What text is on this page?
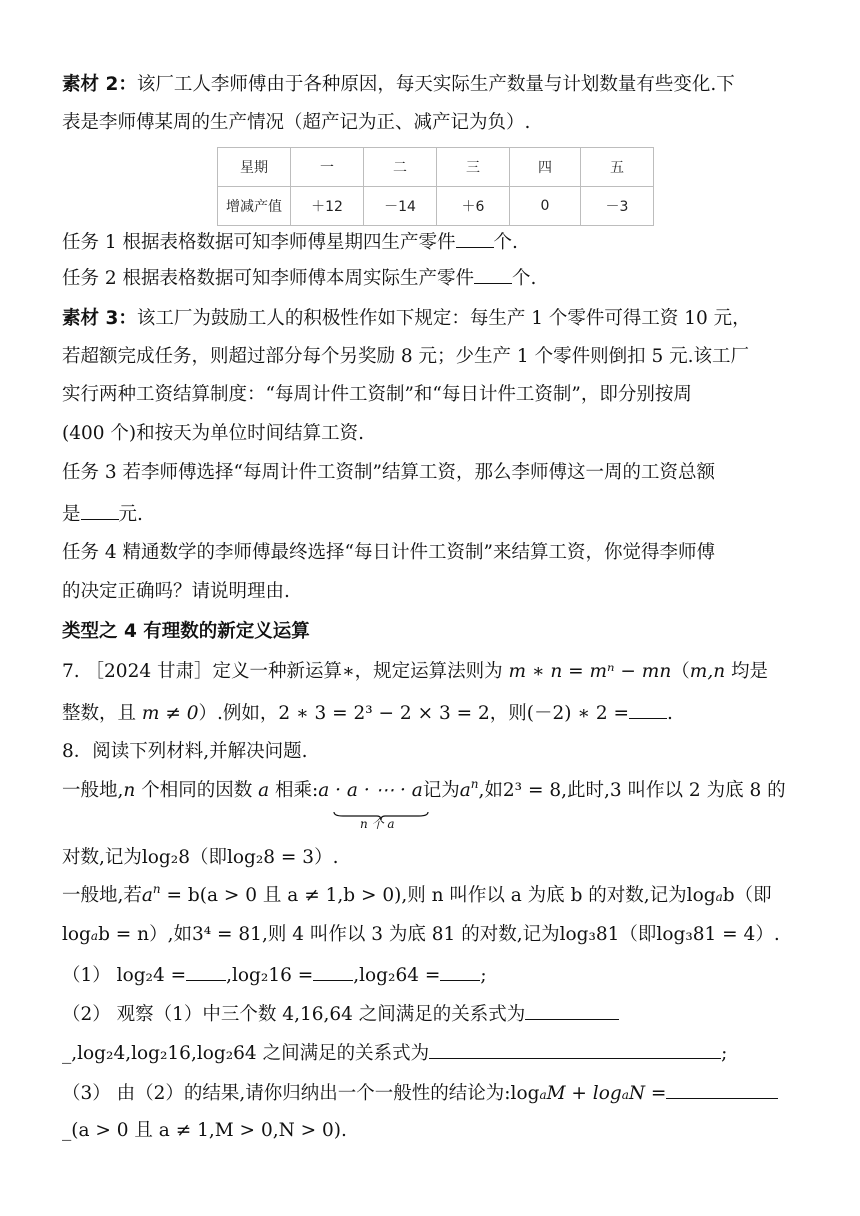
素材 2：该厂工人李师傅由于各种原因，每天实际生产数量与计划数量有些变化.下
表是李师傅某周的生产情况（超产记为正、减产记为负）.
星期	一	二	三	四	五
增减产值	＋12	－14	＋6	0	－3
任务 1 根据表格数据可知李师傅星期四生产零件 个.
任务 2 根据表格数据可知李师傅本周实际生产零件 个.
素材 3：该工厂为鼓励工人的积极性作如下规定：每生产 1 个零件可得工资 10 元，
若超额完成任务，则超过部分每个另奖励 8 元；少生产 1 个零件则倒扣 5 元.该工厂
实行两种工资结算制度：“每周计件工资制”和“每日计件工资制”，即分别按周
(400 个)和按天为单位时间结算工资.
任务 3 若李师傅选择“每周计件工资制”结算工资，那么李师傅这一周的工资总额
是 元.
任务 4 精通数学的李师傅最终选择“每日计件工资制”来结算工资，你觉得李师傅
的决定正确吗？请说明理由.
类型之 4 有理数的新定义运算
7. ［2024 甘肃］定义一种新运算∗，规定运算法则为 m ∗ n = mⁿ − mn（m,n 均是
整数，且 m ≠ 0）.例如，2 ∗ 3 = 2³ − 2 × 3 = 2，则(－2) ∗ 2 = .
8．阅读下列材料,并解决问题.
一般地,n 个相同的因数 a 相乘:a · a · ⋯ · a记为$a^n$,如2³ = 8,此时,3 叫作以 2 为底 8 的
n 个 a
对数,记为log₂8（即log₂8 = 3）.
一般地,若$a^n = b(a > 0$ 且 a ≠ 1,b > 0),则 n 叫作以 a 为底 b 的对数,记为logab（即
logab = n）,如3⁴ = 81,则 4 叫作以 3 为底 81 的对数,记为log₃81（即log₃81 = 4）.
（1） log₂4 = ,log₂16 = ,log₂64 = ;
（2） 观察（1）中三个数 4,16,64 之间满足的关系式为
_,log₂4,log₂16,log₂64 之间满足的关系式为	;
（3） 由（2）的结果,请你归纳出一个一般性的结论为:logaM + logaN =
_(a > 0 且 a ≠ 1,M > 0,N > 0).
